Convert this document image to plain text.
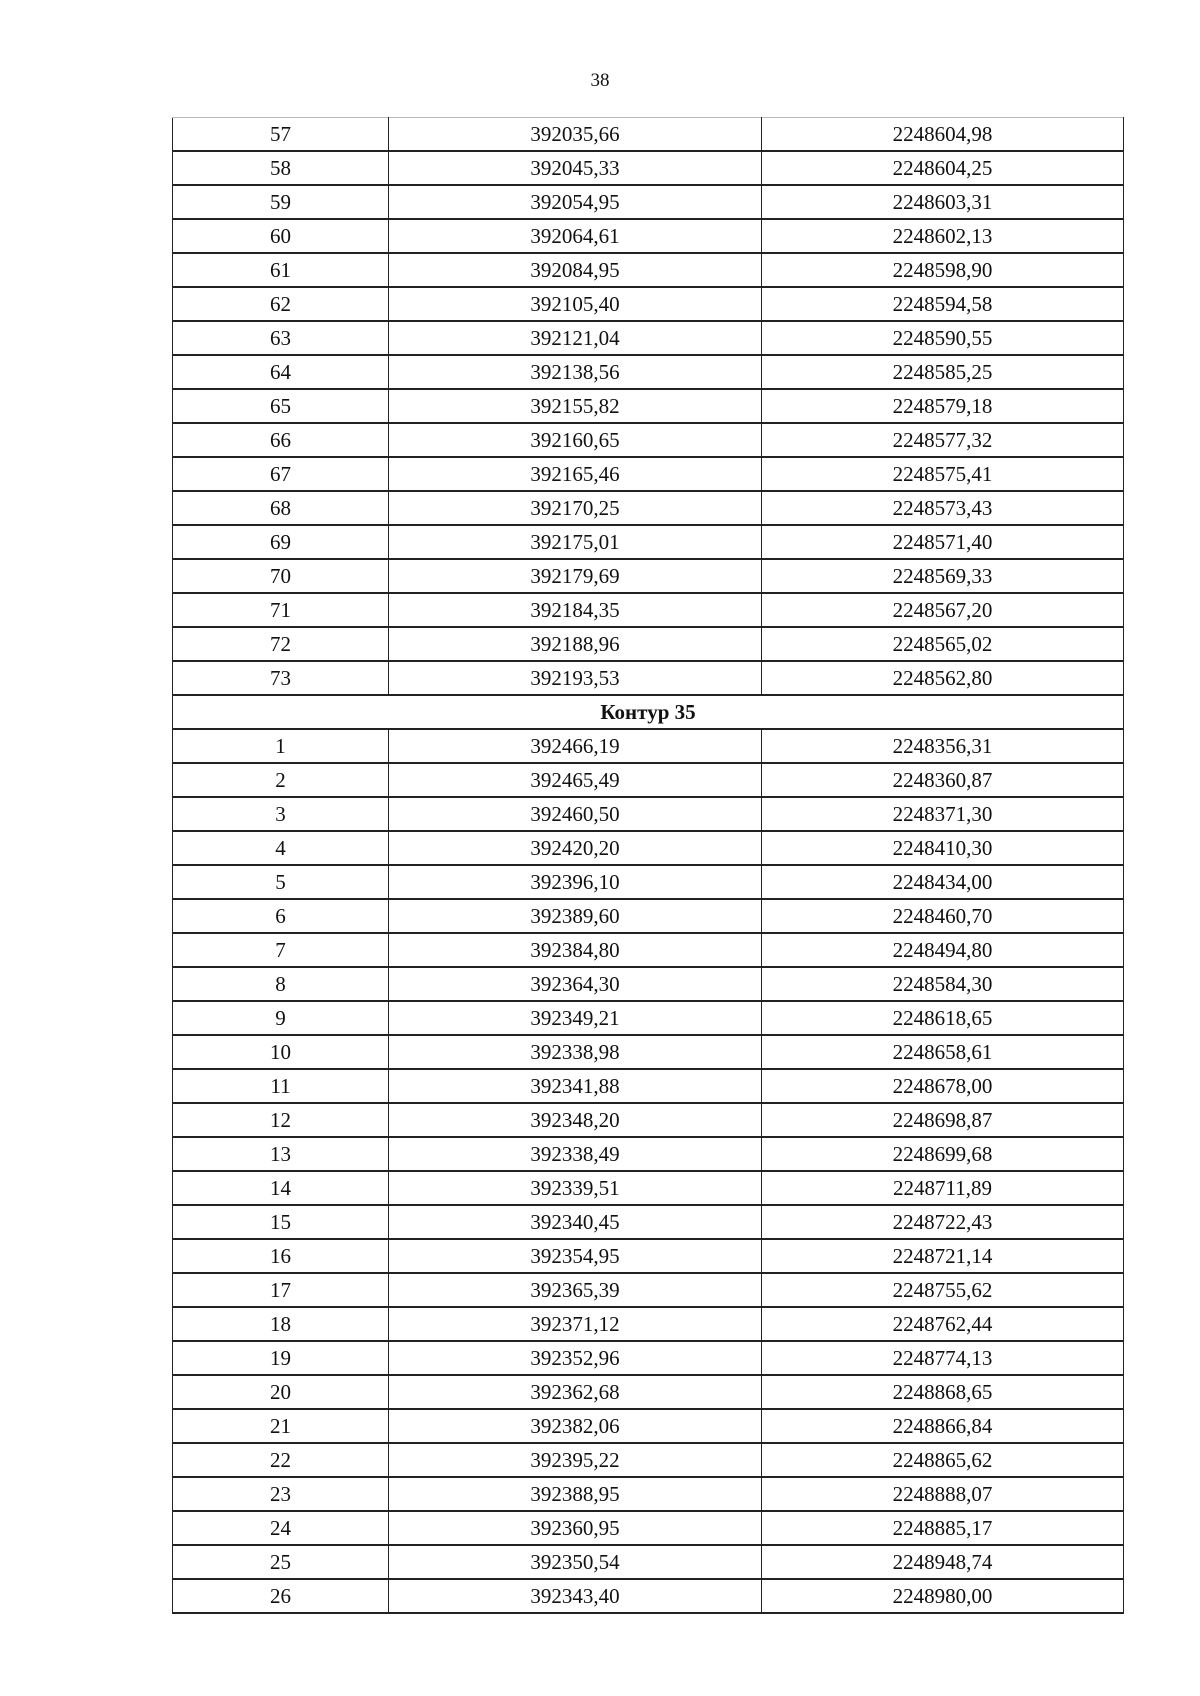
38
57	392035,66	2248604,98
58	392045,33	2248604,25
59	392054,95	2248603,31
60	392064,61	2248602,13
61	392084,95	2248598,90
62	392105,40	2248594,58
63	392121,04	2248590,55
64	392138,56	2248585,25
65	392155,82	2248579,18
66	392160,65	2248577,32
67	392165,46	2248575,41
68	392170,25	2248573,43
69	392175,01	2248571,40
70	392179,69	2248569,33
71	392184,35	2248567,20
72	392188,96	2248565,02
73	392193,53	2248562,80
Контур 35		
1	392466,19	2248356,31
2	392465,49	2248360,87
3	392460,50	2248371,30
4	392420,20	2248410,30
5	392396,10	2248434,00
6	392389,60	2248460,70
7	392384,80	2248494,80
8	392364,30	2248584,30
9	392349,21	2248618,65
10	392338,98	2248658,61
11	392341,88	2248678,00
12	392348,20	2248698,87
13	392338,49	2248699,68
14	392339,51	2248711,89
15	392340,45	2248722,43
16	392354,95	2248721,14
17	392365,39	2248755,62
18	392371,12	2248762,44
19	392352,96	2248774,13
20	392362,68	2248868,65
21	392382,06	2248866,84
22	392395,22	2248865,62
23	392388,95	2248888,07
24	392360,95	2248885,17
25	392350,54	2248948,74
26	392343,40	2248980,00
